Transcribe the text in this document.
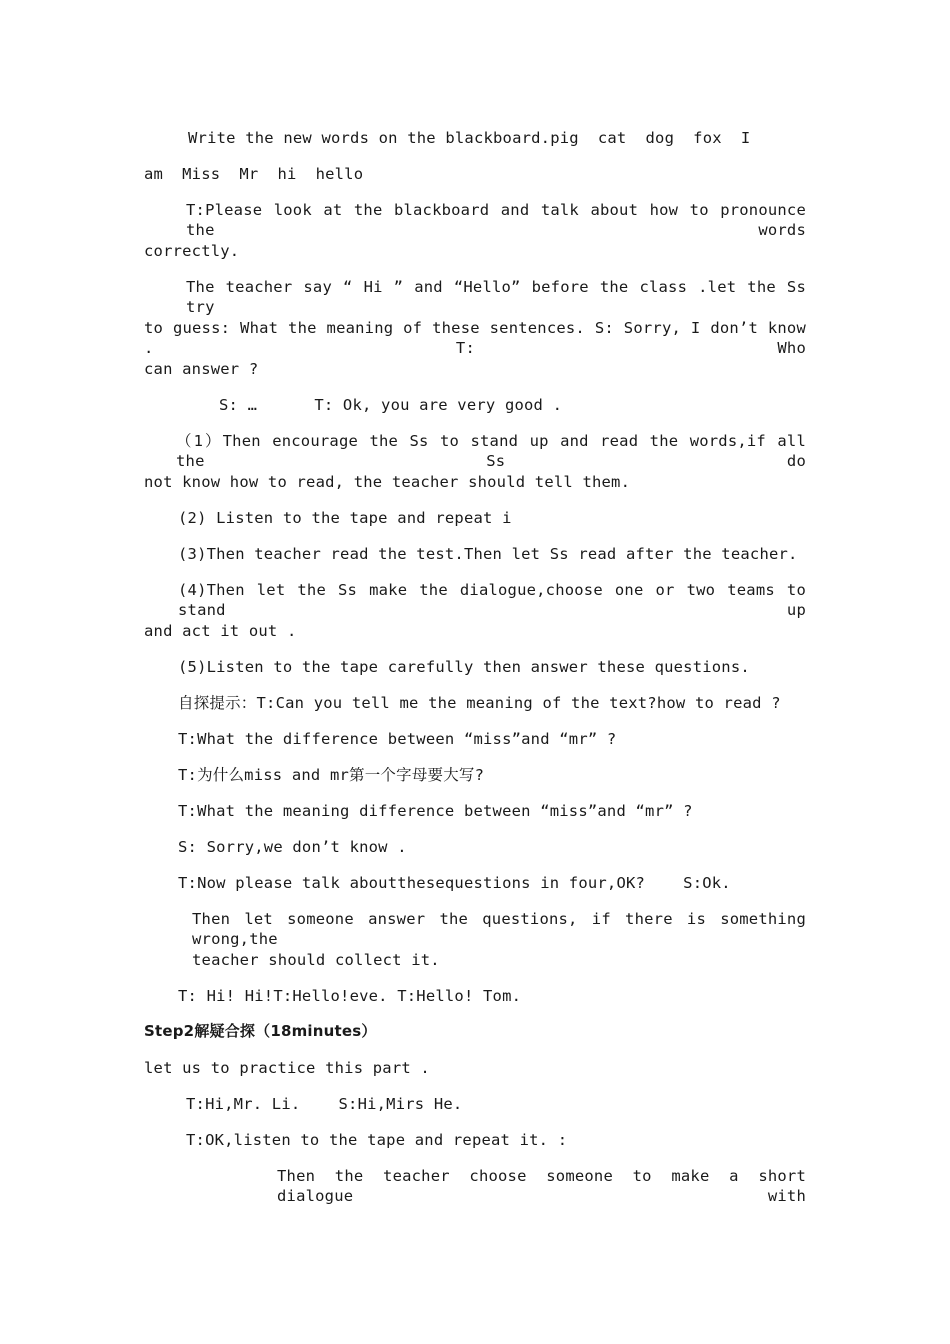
Write the new words on the blackboard.pig  cat  dog  fox  I
am  Miss  Mr  hi  hello
T:Please look at the blackboard and talk about how to pronounce the words
correctly.
The teacher say “ Hi ” and “Hello” before the class .let the Ss try
to guess: What the meaning of these sentences. S: Sorry, I don’t know . T: Who
can answer ?
S: …      T: Ok, you are very good .
（1）Then encourage the Ss to stand up and read the words,if all the Ss do
not know how to read, the teacher should tell them.
(2) Listen to the tape and repeat i
(3)Then teacher read the test.Then let Ss read after the teacher.
(4)Then let the Ss make the dialogue,choose one or two teams to stand up
and act it out .
(5)Listen to the tape carefully then answer these questions.
自探提示：T:Can you tell me the meaning of the text?how to read ?
T:What the difference between “miss”and “mr” ?
T:为什么miss and mr第一个字母要大写?
T:What the meaning difference between “miss”and “mr” ?
S: Sorry,we don’t know .
T:Now please talk aboutthesequestions in four,OK?    S:Ok.
Then let someone answer the questions, if there is something wrong,the
teacher should collect it.
T: Hi! Hi!T:Hello!eve. T:Hello! Tom.
Step2解疑合探（18minutes）
let us to practice this part .
T:Hi,Mr. Li.    S:Hi,Mirs He.
T:OK,listen to the tape and repeat it. :
Then the teacher choose someone to make a short dialogue with
